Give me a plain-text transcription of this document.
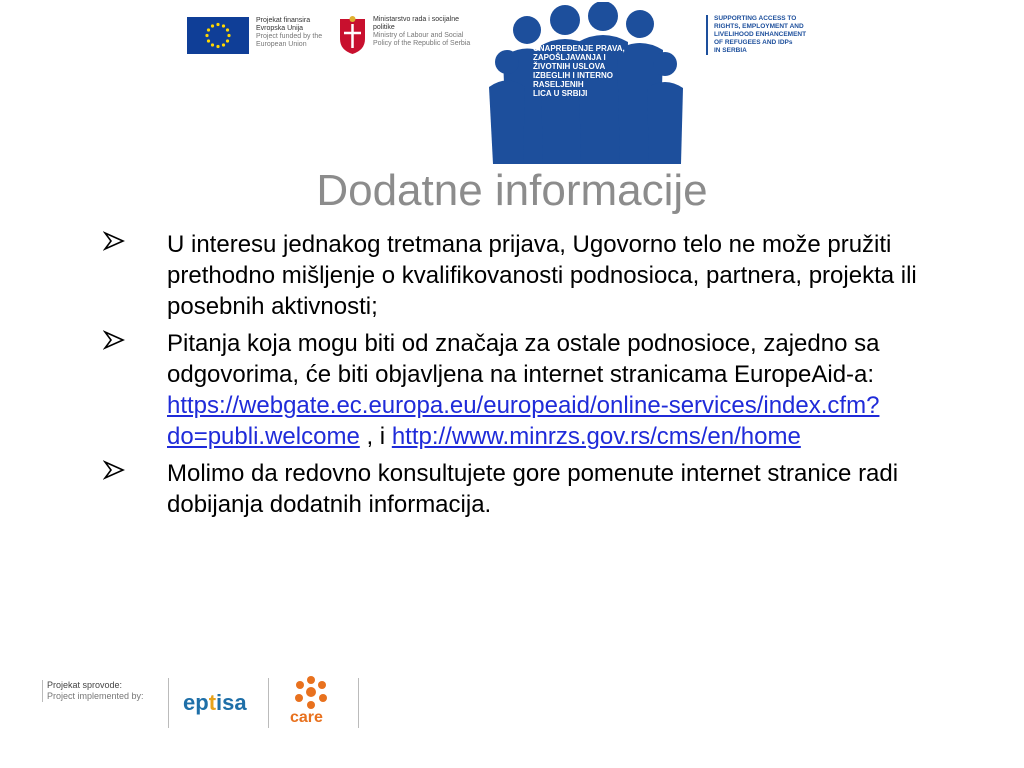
Projekat finansira Evropska Unija
Project funded by the European Union
Ministarstvo rada i socijalne politike
Ministry of Labour and Social Policy of the Republic of Serbia
UNAPREĐENJE PRAVA,
ZAPOŠLJAVANJA I
ŽIVOTNIH USLOVA
IZBEGLIH I INTERNO
RASELJENIH
LICA U SRBIJI
SUPPORTING ACCESS TO
RIGHTS, EMPLOYMENT AND
LIVELIHOOD ENHANCEMENT
OF REFUGEES AND IDPs
IN SERBIA
Dodatne informacije
U interesu jednakog tretmana prijava, Ugovorno telo ne može pružiti prethodno mišljenje o kvalifikovanosti podnosioca, partnera, projekta ili posebnih aktivnosti;
Pitanja koja mogu biti od značaja za ostale podnosioce, zajedno sa odgovorima, će biti objavljena na internet stranicama EuropeAid-a: https://webgate.ec.europa.eu/europeaid/online-services/index.cfm?do=publi.welcome , i http://www.minrzs.gov.rs/cms/en/home
Molimo da redovno konsultujete gore pomenute internet stranice radi dobijanja dodatnih informacija.
Projekat sprovode:
Project implemented by: eptisa
care
